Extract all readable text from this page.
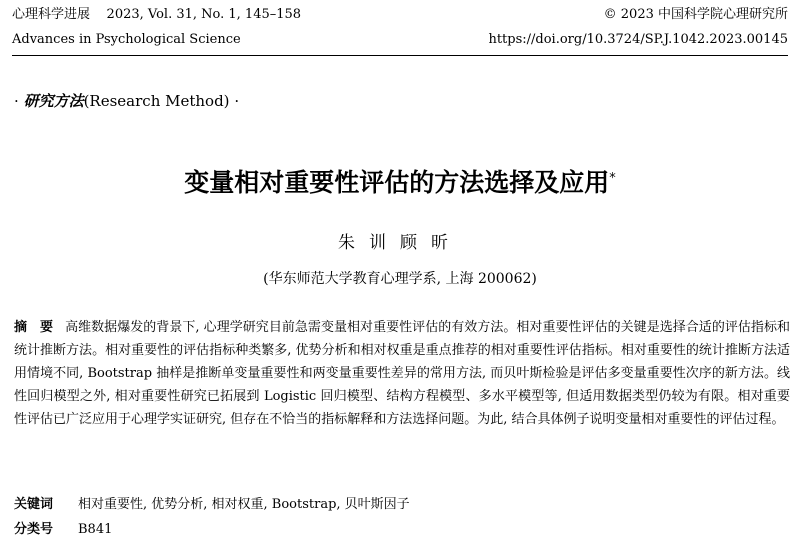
心理科学进展 2023, Vol. 31, No. 1, 145–158	© 2023 中国科学院心理研究所
Advances in Psychological Science	https://doi.org/10.3724/SP.J.1042.2023.00145
· 研究方法(Research Method) ·
变量相对重要性评估的方法选择及应用*
朱训顾昕
(华东师范大学教育心理学系, 上海 200062)
摘　要 高维数据爆发的背景下, 心理学研究目前急需变量相对重要性评估的有效方法。相对重要性评估的关键是选择合适的评估指标和统计推断方法。相对重要性的评估指标种类繁多, 优势分析和相对权重是重点推荐的相对重要性评估指标。相对重要性的统计推断方法适用情境不同, Bootstrap 抽样是推断单变量重要性和两变量重要性差异的常用方法, 而贝叶斯检验是评估多变量重要性次序的新方法。线性回归模型之外, 相对重要性研究已拓展到 Logistic 回归模型、结构方程模型、多水平模型等, 但适用数据类型仍较为有限。相对重要性评估已广泛应用于心理学实证研究, 但存在不恰当的指标解释和方法选择问题。为此, 结合具体例子说明变量相对重要性的评估过程。
关键词 相对重要性, 优势分析, 相对权重, Bootstrap, 贝叶斯因子
分类号 B841
